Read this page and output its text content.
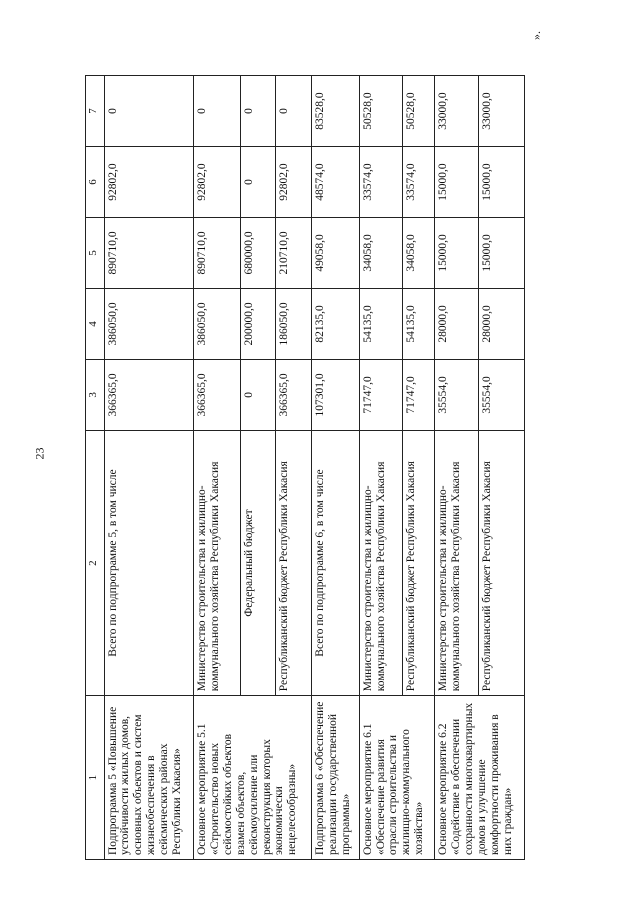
23
».
1	2	3	4	5	6	7
Подпрограмма 5 «Повышение устойчивости жилых домов, основных объектов и систем жизнеобеспечения в сейсмических районах Республики Хакасия»	Всего по подпрограмме 5, в том числе	366365,0	386050,0	890710,0	92802,0	0
Основное мероприятие 5.1 «Строительство новых сейсмостойких объектов взамен объектов, сейсмоусиление или реконструкция которых экономически нецелесообразны»	Министерство строительства и жилищно-коммунального хозяйства Республики Хакасия	366365,0	386050,0	890710,0	92802,0	0
	Федеральный бюджет	0	200000,0	680000,0	0	0
	Республиканский бюджет Республики Хакасия	366365,0	186050,0	210710,0	92802,0	0
Подпрограмма 6 «Обеспечение реализации государственной программы»	Всего по подпрограмме 6, в том числе	107301,0	82135,0	49058,0	48574,0	83528,0
Основное мероприятие 6.1 «Обеспечение развития отрасли строительства и жилищно-коммунального хозяйства»	Министерство строительства и жилищно-коммунального хозяйства Республики Хакасия	71747,0	54135,0	34058,0	33574,0	50528,0
	Республиканский бюджет Республики Хакасия	71747,0	54135,0	34058,0	33574,0	50528,0
Основное мероприятие 6.2 «Содействие в обеспечении сохранности многоквартирных домов и улучшение комфортности проживания в них граждан»	Министерство строительства и жилищно-коммунального хозяйства Республики Хакасия	35554,0	28000,0	15000,0	15000,0	33000,0
	Республиканский бюджет Республики Хакасия	35554,0	28000,0	15000,0	15000,0	33000,0
